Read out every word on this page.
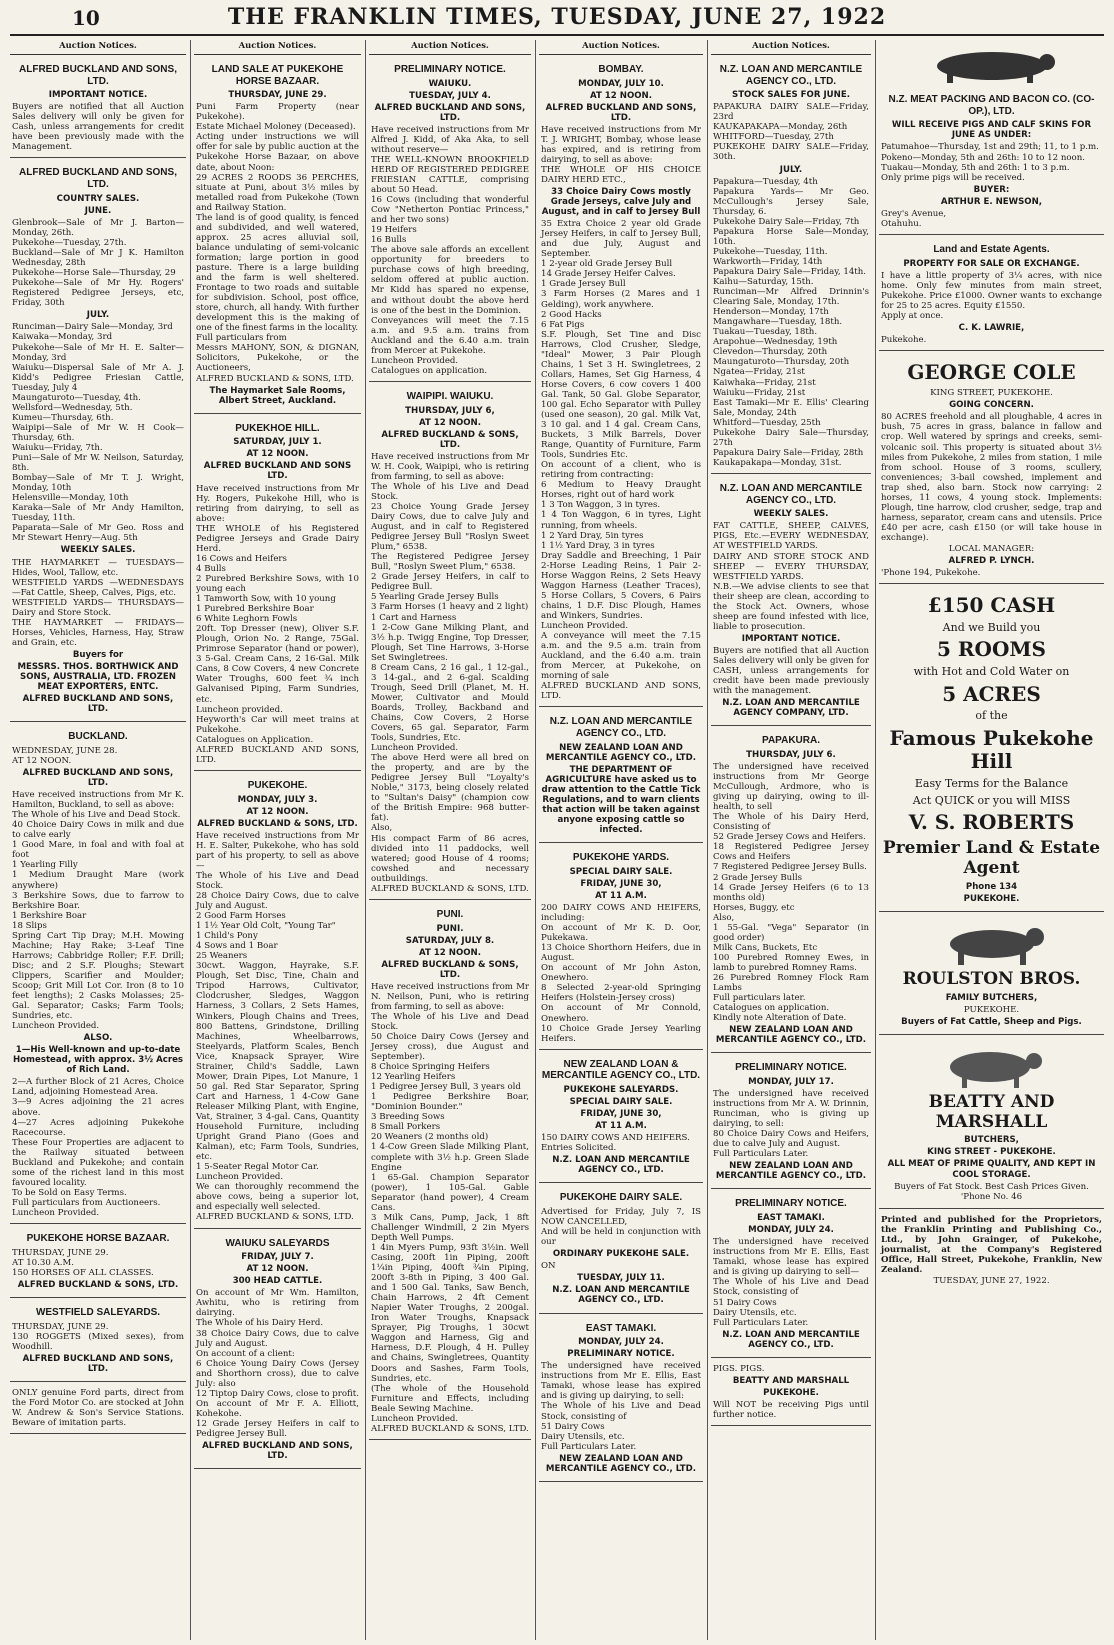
10	THE FRANKLIN TIMES, TUESDAY, JUNE 27, 1922
Auction Notices.
ALFRED BUCKLAND AND SONS, LTD.
IMPORTANT NOTICE.
Buyers are notified that all Auction Sales delivery will only be given for Cash, unless arrangements for credit have been previously made with the Management.
ALFRED BUCKLAND AND SONS, LTD.
COUNTRY SALES.
JUNE.
Glenbrook—Sale of Mr J. Barton—Monday, 26th.
Pukekohe—Tuesday, 27th.
Buckland—Sale of Mr J K. Hamilton Wednesday, 28th
Pukekohe—Horse Sale—Thursday, 29
Pukekohe—Sale of Mr Hy. Rogers' Registered Pedigree Jerseys, etc, Friday, 30th
JULY.
Runciman—Dairy Sale—Monday, 3rd
Kaiwaka—Monday, 3rd
Pukekohe—Sale of Mr H. E. Salter—Monday, 3rd
Waiuku—Dispersal Sale of Mr A. J. Kidd's Pedigree Friesian Cattle, Tuesday, July 4
Maungaturoto—Tuesday, 4th.
Wellsford—Wednesday, 5th.
Kumeu—Thursday, 6th.
Waipipi—Sale of Mr W. H Cook—Thursday, 6th.
Waiuku—Friday, 7th.
Puni—Sale of Mr W. Neilson, Saturday, 8th.
Bombay—Sale of Mr T. J. Wright, Monday, 10th
Helensville—Monday, 10th
Karaka—Sale of Mr Andy Hamilton, Tuesday, 11th.
Paparata—Sale of Mr Geo. Ross and Mr Stewart Henry—Aug. 5th
WEEKLY SALES.
THE HAYMARKET — TUESDAYS—Hides, Wool, Tallow, etc.
WESTFIELD YARDS —WEDNESDAYS—Fat Cattle, Sheep, Calves, Pigs, etc.
WESTFIELD YARDS— THURSDAYS—Dairy and Store Stock.
THE HAYMARKET — FRIDAYS—Horses, Vehicles, Harness, Hay, Straw and Grain, etc.
Buyers for
MESSRS. THOS. BORTHWICK AND SONS, AUSTRALIA, LTD. FROZEN MEAT EXPORTERS, ENTC.
ALFRED BUCKLAND AND SONS, LTD.
BUCKLAND.
WEDNESDAY, JUNE 28.
AT 12 NOON.
ALFRED BUCKLAND AND SONS, LTD.
Have received instructions from Mr K. Hamilton, Buckland, to sell as above:
The Whole of his Live and Dead Stock.
40 Choice Dairy Cows in milk and due to calve early
1 Good Mare, in foal and with foal at foot
1 Yearling Filly
1 Medium Draught Mare (work anywhere)
3 Berkshire Sows, due to farrow to Berkshire Boar.
1 Berkshire Boar
18 Slips
Spring Cart Tip Dray; M.H. Mowing Machine; Hay Rake; 3-Leaf Tine Harrows; Cabbridge Roller; F.F. Drill; Disc; and 2 S.F. Ploughs; Stewart Clippers, Scarifier and Moulder; Scoop; Grit Mill Lot Cor. Iron (8 to 10 feet lengths); 2 Casks Molasses; 25-Gal. Separator; Casks; Farm Tools; Sundries, etc.
Luncheon Provided.
ALSO.
1—His Well-known and up-to-date Homestead, with approx. 3½ Acres of Rich Land.
2—A further Block of 21 Acres, Choice Land, adjoining Homestead Area.
3—9 Acres adjoining the 21 acres above.
4—27 Acres adjoining Pukekohe Racecourse.
These Four Properties are adjacent to the Railway situated between Buckland and Pukekohe; and contain some of the richest land in this most favoured locality.
To be Sold on Easy Terms.
Full particulars from Auctioneers.
Luncheon Provided.
PUKEKOHE HORSE BAZAAR.
THURSDAY, JUNE 29.
AT 10.30 A.M.
150 HORSES OF ALL CLASSES.
ALFRED BUCKLAND & SONS, LTD.
WESTFIELD SALEYARDS.
THURSDAY, JUNE 29.
130 ROGGETS (Mixed sexes), from Woodhill.
ALFRED BUCKLAND AND SONS, LTD.
ONLY genuine Ford parts, direct from the Ford Motor Co. are stocked at John W. Andrew & Son's Service Stations. Beware of imitation parts.
Auction Notices.
LAND SALE AT PUKEKOHE HORSE BAZAAR.
THURSDAY, JUNE 29.
Puni Farm Property (near Pukekohe).
Estate Michael Moloney (Deceased).
Acting under instructions we will offer for sale by public auction at the Pukekohe Horse Bazaar, on above date, about Noon:
29 ACRES 2 ROODS 36 PERCHES, situate at Puni, about 3½ miles by metalled road from Pukekohe (Town and Railway Station.
The land is of good quality, is fenced and subdivided, and well watered, approx. 25 acres alluvial soil, balance undulating of semi-volcanic formation; large portion in good pasture. There is a large building and the farm is well sheltered. Frontage to two roads and suitable for subdivision. School, post office, store, church, all handy. With further development this is the making of one of the finest farms in the locality.
Full particulars from
Messrs MAHONY, SON, & DIGNAN, Solicitors, Pukekohe, or the Auctioneers,
ALFRED BUCKLAND & SONS, LTD.
The Haymarket Sale Rooms, Albert Street, Auckland.
PUKEKHOE HILL.
SATURDAY, JULY 1.
AT 12 NOON.
ALFRED BUCKLAND AND SONS LTD.
Have received instructions from Mr Hy. Rogers, Pukekohe Hill, who is retiring from dairying, to sell as above:
THE WHOLE of his Registered Pedigree Jerseys and Grade Dairy Herd.
16 Cows and Heifers
4 Bulls
2 Purebred Berkshire Sows, with 10 young each
1 Tamworth Sow, with 10 young
1 Purebred Berkshire Boar
6 White Leghorn Fowls
20ft. Top Dresser (new), Oliver S.F. Plough, Orion No. 2 Range, 75Gal. Primrose Separator (hand or power), 3 5-Gal. Cream Cans, 2 16-Gal. Milk Cans, 8 Cow Covers, 4 new Concrete Water Troughs, 600 feet ¾ inch Galvanised Piping, Farm Sundries, etc.
Luncheon provided.
Heyworth's Car will meet trains at Pukekohe.
Catalogues on Application.
ALFRED BUCKLAND AND SONS, LTD.
PUKEKOHE.
MONDAY, JULY 3.
AT 12 NOON.
ALFRED BUCKLAND & SONS, LTD.
Have received instructions from Mr H. E. Salter, Pukekohe, who has sold part of his property, to sell as above—
The Whole of his Live and Dead Stock.
28 Choice Dairy Cows, due to calve July and August.
2 Good Farm Horses
1 1½ Year Old Colt, "Young Tar"
1 Child's Pony
4 Sows and 1 Boar
25 Weaners
30cwt. Waggon, Hayrake, S.F. Plough, Set Disc, Tine, Chain and Tripod Harrows, Cultivator, Clodcrusher, Sledges, Waggon Harness, 3 Collars, 2 Sets Hames, Winkers, Plough Chains and Trees, 800 Battens, Grindstone, Drilling Machines, Wheelbarrows, Steelyards, Platform Scales, Bench Vice, Knapsack Sprayer, Wire Strainer, Child's Saddle, Lawn Mower, Drain Pipes, Lot Manure, 1 50 gal. Red Star Separator, Spring Cart and Harness, 1 4-Cow Gane Releaser Milking Plant, with Engine, Vat, Strainer, 3 4-gal. Cans, Quantity Household Furniture, including Upright Grand Piano (Goes and Kalman), etc; Farm Tools, Sundries, etc.
1 5-Seater Regal Motor Car.
Luncheon Provided.
We can thoroughly recommend the above cows, being a superior lot, and especially well selected.
ALFRED BUCKLAND & SONS, LTD.
WAIUKU SALEYARDS
FRIDAY, JULY 7.
AT 12 NOON.
300 HEAD CATTLE.
On account of Mr Wm. Hamilton, Awhitu, who is retiring from dairying.
The Whole of his Dairy Herd.
38 Choice Dairy Cows, due to calve July and August.
On account of a client:
6 Choice Young Dairy Cows (Jersey and Shorthorn cross), due to calve July: also
12 Tiptop Dairy Cows, close to profit.
On account of Mr F. A. Elliott, Kohekohe.
12 Grade Jersey Heifers in calf to Pedigree Jersey Bull.
ALFRED BUCKLAND AND SONS, LTD.
Auction Notices.
PRELIMINARY NOTICE.
WAIUKU.
TUESDAY, JULY 4.
ALFRED BUCKLAND AND SONS, LTD.
Have received instructions from Mr Alfred J. Kidd, of Aka Aka, to sell without reserve—
THE WELL-KNOWN BROOKFIELD HERD OF REGISTERED PEDIGREE FRIESIAN CATTLE, comprising about 50 Head.
16 Cows (including that wonderful Cow "Netherton Pontiac Princess," and her two sons)
19 Heifers
16 Bulls
The above sale affords an excellent opportunity for breeders to purchase cows of high breeding, seldom offered at public auction. Mr Kidd has spared no expense, and without doubt the above herd is one of the best in the Dominion.
Conveyances will meet the 7.15 a.m. and 9.5 a.m. trains from Auckland and the 6.40 a.m. train from Mercer at Pukekohe.
Luncheon Provided.
Catalogues on application.
WAIPIPI. WAIUKU.
THURSDAY, JULY 6,
AT 12 NOON.
ALFRED BUCKLAND & SONS, LTD.
Have received instructions from Mr W. H. Cook, Waipipi, who is retiring from farming, to sell as above:
The Whole of his Live and Dead Stock.
23 Choice Young Grade Jersey Dairy Cows, due to calve July and August, and in calf to Registered Pedigree Jersey Bull "Roslyn Sweet Plum," 6538.
The Registered Pedigree Jersey Bull, "Roslyn Sweet Plum," 6538.
2 Grade Jersey Heifers, in calf to Pedigree Bull.
5 Yearling Grade Jersey Bulls
3 Farm Horses (1 heavy and 2 light)
1 Cart and Harness
1 2-Cow Gane Milking Plant, and 3½ h.p. Twigg Engine, Top Dresser, Plough, Set Tine Harrows, 3-Horse Set Swingletrees.
8 Cream Cans, 2 16 gal., 1 12-gal., 3 14-gal., and 2 6-gal. Scalding Trough, Seed Drill (Planet, M. H. Mower, Cultivator and Mould Boards, Trolley, Backband and Chains, Cow Covers, 2 Horse Covers, 65 gal. Separator, Farm Tools, Sundries, Etc.
Luncheon Provided.
The above Herd were all bred on the property, and are by the Pedigree Jersey Bull "Loyalty's Noble," 3173, being closely related to "Sultan's Daisy" (champion cow of the British Empire: 968 butter-fat).
Also,
His compact Farm of 86 acres, divided into 11 paddocks, well watered; good House of 4 rooms; cowshed and necessary outbuildings.
ALFRED BUCKLAND & SONS, LTD.
PUNI.
PUNI.
SATURDAY, JULY 8.
AT 12 NOON.
ALFRED BUCKLAND & SONS, LTD.
Have received instructions from Mr N. Neilson, Puni, who is retiring from farming, to sell as above:
The Whole of his Live and Dead Stock.
50 Choice Dairy Cows (Jersey and Jersey cross), due August and September).
8 Choice Springing Heifers
12 Yearling Heifers
1 Pedigree Jersey Bull, 3 years old
1 Pedigree Berkshire Boar, "Dominion Bounder."
3 Breeding Sows
8 Small Porkers
20 Weaners (2 months old)
1 4-Cow Green Slade Milking Plant, complete with 3½ h.p. Green Slade Engine
1 65-Gal. Champion Separator (power), 1 105-Gal. Gable Separator (hand power), 4 Cream Cans.
3 Milk Cans, Pump, Jack, 1 8ft Challenger Windmill, 2 2in Myers Depth Well Pumps.
1 4in Myers Pump, 93ft 3½in. Well Casing, 200ft 1in Piping, 200ft 1¼in Piping, 400ft ¾in Piping, 200ft 3-8th in Piping, 3 400 Gal. and 1 500 Gal. Tanks, Saw Bench, Chain Harrows, 2 4ft Cement Napier Water Troughs, 2 200gal. Iron Water Troughs, Knapsack Sprayer, Pig Troughs, 1 30cwt Waggon and Harness, Gig and Harness, D.F. Plough, 4 H. Pulley and Chains, Swingletrees, Quantity Doors and Sashes, Farm Tools, Sundries, etc.
(The whole of the Household Furniture and Effects, including Beale Sewing Machine.
Luncheon Provided.
ALFRED BUCKLAND & SONS, LTD.
Auction Notices.
BOMBAY.
MONDAY, JULY 10.
AT 12 NOON.
ALFRED BUCKLAND AND SONS, LTD.
Have received instructions from Mr T. J. WRIGHT, Bombay, whose lease has expired, and is retiring from dairying, to sell as above:
THE WHOLE OF HIS CHOICE DAIRY HERD ETC.,
33 Choice Dairy Cows mostly Grade Jerseys, calve July and August, and in calf to Jersey Bull
35 Extra Choice 2 year old Grade Jersey Heifers, in calf to Jersey Bull, and due July, August and September.
1 2-year old Grade Jersey Bull
14 Grade Jersey Heifer Calves.
1 Grade Jersey Bull
3 Farm Horses (2 Mares and 1 Gelding), work anywhere.
2 Good Hacks
6 Fat Pigs
S.F. Plough, Set Tine and Disc Harrows, Clod Crusher, Sledge, "Ideal" Mower, 3 Pair Plough Chains, 1 Set 3 H. Swingletrees, 2 Collars, Hames, Set Gig Harness, 4 Horse Covers, 6 cow covers 1 400 Gal. Tank, 50 Gal. Globe Separator, 100 gal. Echo Separator with Pulley (used one season), 20 gal. Milk Vat, 3 10 gal. and 1 4 gal. Cream Cans, Buckets, 3 Milk Barrels, Dover Range, Quantity of Furniture, Farm Tools, Sundries Etc.
On account of a client, who is retiring from contracting:
6 Medium to Heavy Draught Horses, right out of hard work
1 3 Ton Waggon, 3 in tyres.
1 4 Ton Waggon, 6 in tyres, Light running, from wheels.
1 2 Yard Dray, 5in tyres
1 1½ Yard Dray, 3 in tyres
Dray Saddle and Breeching, 1 Pair 2-Horse Leading Reins, 1 Pair 2-Horse Waggon Reins, 2 Sets Heavy Waggon Harness (Leather Traces), 5 Horse Collars, 5 Covers, 6 Pairs chains, 1 D.F. Disc Plough, Hames and Winkers, Sundries.
Luncheon Provided.
A conveyance will meet the 7.15 a.m. and the 9.5 a.m. train from Auckland, and the 6.40 a.m. train from Mercer, at Pukekohe, on morning of sale
ALFRED BUCKLAND AND SONS, LTD.
N.Z. LOAN AND MERCANTILE AGENCY CO., LTD.
NEW ZEALAND LOAN AND MERCANTILE AGENCY CO., LTD.
THE DEPARTMENT OF AGRICULTURE have asked us to draw attention to the Cattle Tick Regulations, and to warn clients that action will be taken against anyone exposing cattle so infected.
PUKEKOHE YARDS.
SPECIAL DAIRY SALE.
FRIDAY, JUNE 30,
AT 11 A.M.
200 DAIRY COWS AND HEIFERS, including:
On account of Mr K. D. Oor, Pukekawa.
13 Choice Shorthorn Heifers, due in August.
On account of Mr John Aston, Onewhero.
8 Selected 2-year-old Springing Heifers (Holstein-Jersey cross)
On account of Mr Connold, Onewhero.
10 Choice Grade Jersey Yearling Heifers.
NEW ZEALAND LOAN & MERCANTILE AGENCY CO., LTD.
PUKEKOHE SALEYARDS.
SPECIAL DAIRY SALE.
FRIDAY, JUNE 30,
AT 11 A.M.
150 DAIRY COWS AND HEIFERS.
Entries Solicited.
N.Z. LOAN AND MERCANTILE AGENCY CO., LTD.
PUKEKOHE DAIRY SALE.
Advertised for Friday, July 7, IS NOW CANCELLED,
And will be held in conjunction with our
ORDINARY PUKEKOHE SALE.
ON
TUESDAY, JULY 11.
N.Z. LOAN AND MERCANTILE AGENCY CO., LTD.
EAST TAMAKI.
MONDAY, JULY 24.
PRELIMINARY NOTICE.
The undersigned have received instructions from Mr E. Ellis, East Tamaki, whose lease has expired and is giving up dairying, to sell:
The Whole of his Live and Dead Stock, consisting of
51 Dairy Cows
Dairy Utensils, etc.
Full Particulars Later.
NEW ZEALAND LOAN AND MERCANTILE AGENCY CO., LTD.
Auction Notices.
N.Z. LOAN AND MERCANTILE AGENCY CO., LTD.
STOCK SALES FOR JUNE.
PAPAKURA DAIRY SALE—Friday, 23rd
KAUKAPAKAPA—Monday, 26th
WHITFORD—Tuesday, 27th
PUKEKOHE DAIRY SALE—Friday, 30th.
JULY.
Papakura—Tuesday, 4th
Papakura Yards— Mr Geo. McCullough's Jersey Sale, Thursday, 6.
Pukekohe Dairy Sale—Friday, 7th
Papakura Horse Sale—Monday, 10th.
Pukekohe—Tuesday, 11th.
Warkworth—Friday, 14th
Papakura Dairy Sale—Friday, 14th.
Kaihu—Saturday, 15th.
Runciman—Mr Alfred Drinnin's Clearing Sale, Monday, 17th.
Henderson—Monday, 17th
Mangawhare—Tuesday, 18th.
Tuakau—Tuesday, 18th.
Arapohue—Wednesday, 19th
Clevedon—Thursday, 20th
Maungaturoto—Thursday, 20th
Ngatea—Friday, 21st
Kaiwhaka—Friday, 21st
Waiuku—Friday, 21st
East Tamaki—Mr E. Ellis' Clearing Sale, Monday, 24th
Whitford—Tuesday, 25th
Pukekohe Dairy Sale—Thursday, 27th
Papakura Dairy Sale—Friday, 28th
Kaukapakapa—Monday, 31st.
N.Z. LOAN AND MERCANTILE AGENCY CO., LTD.
WEEKLY SALES.
FAT CATTLE, SHEEP, CALVES, PIGS, Etc.—EVERY WEDNESDAY, AT WESTFIELD YARDS.
DAIRY AND STORE STOCK AND SHEEP — EVERY THURSDAY, WESTFIELD YARDS.
N.B.—We advise clients to see that their sheep are clean, according to the Stock Act. Owners, whose sheep are found infested with lice, liable to prosecution.
IMPORTANT NOTICE.
Buyers are notified that all Auction Sales delivery will only be given for CASH, unless arrangements for credit have been made previously with the management.
N.Z. LOAN AND MERCANTILE AGENCY COMPANY, LTD.
PAPAKURA.
THURSDAY, JULY 6.
The undersigned have received instructions from Mr George McCullough, Ardmore, who is giving up dairying, owing to ill-health, to sell
The Whole of his Dairy Herd, Consisting of
52 Grade Jersey Cows and Heifers.
18 Registered Pedigree Jersey Cows and Heifers
7 Registered Pedigree Jersey Bulls.
2 Grade Jersey Bulls
14 Grade Jersey Heifers (6 to 13 months old)
Horses, Buggy, etc
Also,
1 55-Gal. "Vega" Separator (in good order)
Milk Cans, Buckets, Etc
100 Purebred Romney Ewes, in lamb to purebred Romney Rams.
26 Purebred Romney Flock Ram Lambs
Full particulars later.
Catalogues on application.
Kindly note Alteration of Date.
NEW ZEALAND LOAN AND MERCANTILE AGENCY CO., LTD.
PRELIMINARY NOTICE.
MONDAY, JULY 17.
The undersigned have received instructions from Mr A. W. Drinnin, Runciman, who is giving up dairying, to sell:
80 Choice Dairy Cows and Heifers, due to calve July and August.
Full Particulars Later.
NEW ZEALAND LOAN AND MERCANTILE AGENCY CO., LTD.
PRELIMINARY NOTICE.
EAST TAMAKI.
MONDAY, JULY 24.
The undersigned have received instructions from Mr E. Ellis, East Tamaki, whose lease has expired and is giving up dairying to sell—
The Whole of his Live and Dead Stock, consisting of
51 Dairy Cows
Dairy Utensils, etc.
Full Particulars Later.
N.Z. LOAN AND MERCANTILE AGENCY CO., LTD.
PIGS. PIGS.
BEATTY AND MARSHALL
PUKEKOHE.
Will NOT be receiving Pigs until further notice.
N.Z. MEAT PACKING AND BACON CO. (CO-OP.), LTD.
WILL RECEIVE PIGS AND CALF SKINS FOR JUNE AS UNDER:
Patumahoe—Thursday, 1st and 29th; 11, to 1 p.m.
Pokeno—Monday, 5th and 26th: 10 to 12 noon.
Tuakau—Monday, 5th and 26th: 1 to 3 p.m.
Only prime pigs will be received.
BUYER:
ARTHUR E. NEWSON,
Grey's Avenue,
Otahuhu.
Land and Estate Agents.
PROPERTY FOR SALE OR EXCHANGE.
I have a little property of 3¼ acres, with nice home. Only few minutes from main street, Pukekohe. Price £1000. Owner wants to exchange for 25 to 25 acres. Equity £1550.
Apply at once.
C. K. LAWRIE,
Pukekohe.
GEORGE COLE
KING STREET, PUKEKOHE.
GOING CONCERN.
80 ACRES freehold and all ploughable, 4 acres in bush, 75 acres in grass, balance in fallow and crop. Well watered by springs and creeks, semi-volcanic soil. This property is situated about 3½ miles from Pukekohe, 2 miles from station, 1 mile from school. House of 3 rooms, scullery, conveniences; 3-bail cowshed, implement and trap shed, also barn. Stock now carrying: 2 horses, 11 cows, 4 young stock. Implements: Plough, tine harrow, clod crusher, sedge, trap and harness, separator, cream cans and utensils. Price £40 per acre, cash £150 (or will take house in exchange).
LOCAL MANAGER:
ALFRED P. LYNCH.
'Phone 194, Pukekohe.
£150 CASH
And we Build you
5 ROOMS
with Hot and Cold Water on
5 ACRES
of the
Famous Pukekohe Hill
Easy Terms for the Balance
Act QUICK or you will MISS
V. S. ROBERTS
Premier Land & Estate Agent
Phone 134
PUKEKOHE.
ROULSTON BROS.
FAMILY BUTCHERS,
PUKEKOHE.
Buyers of Fat Cattle, Sheep and Pigs.
BEATTY AND MARSHALL
BUTCHERS,
KING STREET - PUKEKOHE.
ALL MEAT OF PRIME QUALITY, AND KEPT IN COOL STORAGE.
Buyers of Fat Stock. Best Cash Prices Given. 'Phone No. 46
Printed and published for the Proprietors, the Franklin Printing and Publishing Co., Ltd., by John Grainger, of Pukekohe, journalist, at the Company's Registered Office, Hall Street, Pukekohe, Franklin, New Zealand.
TUESDAY, JUNE 27, 1922.
